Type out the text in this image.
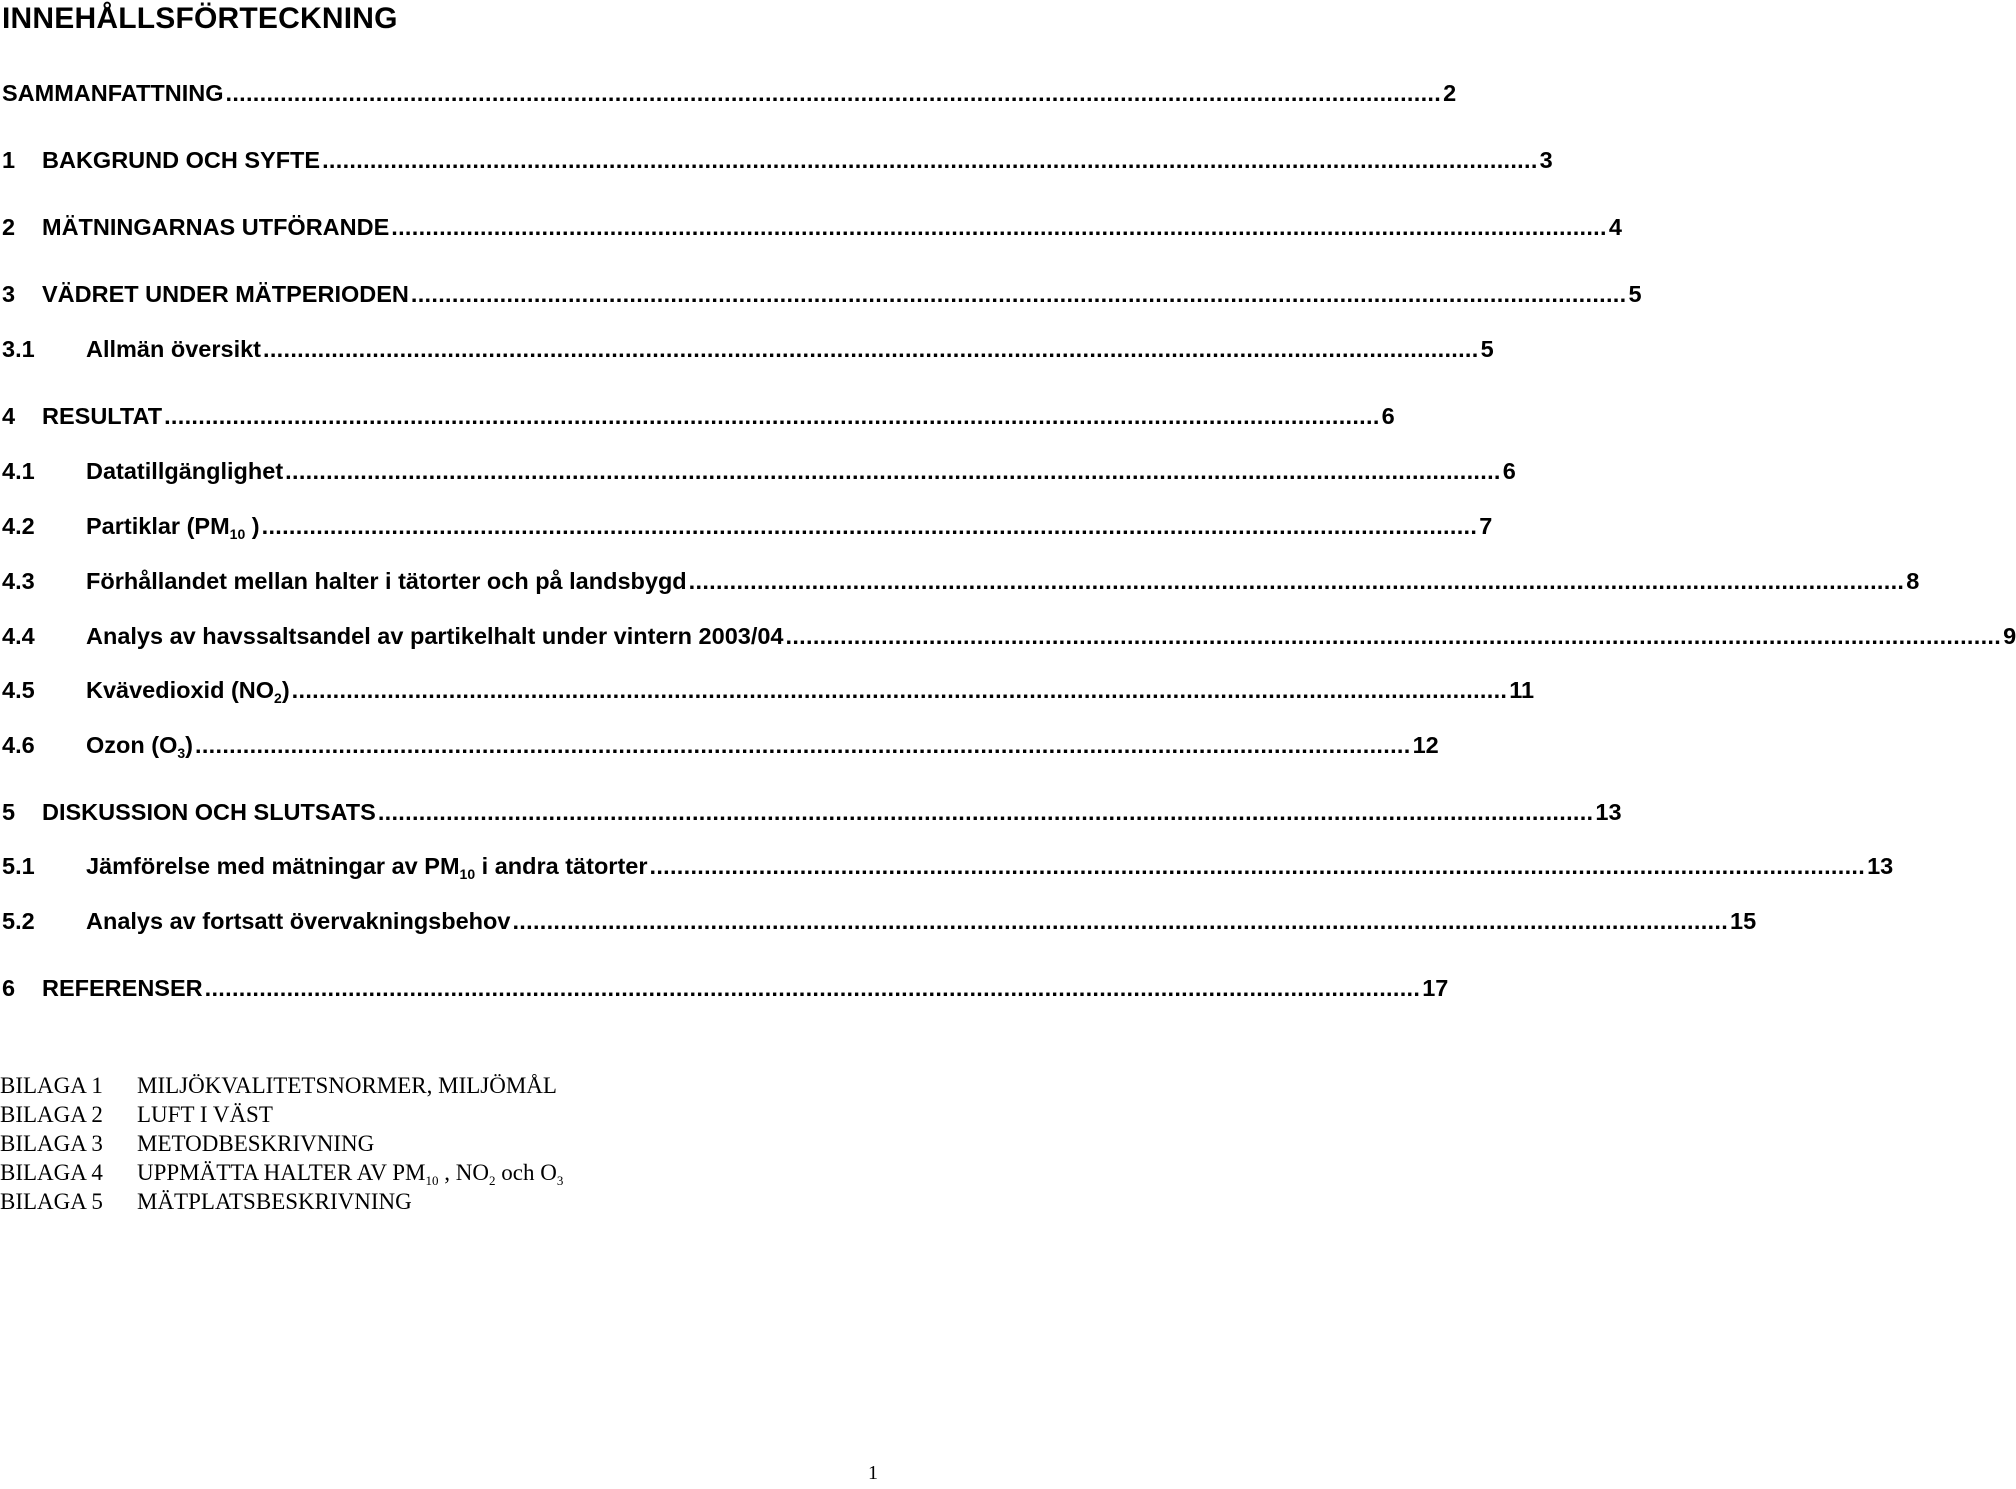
INNEHÅLLSFÖRTECKNING
SAMMANFATTNING .................................................................................................................................................................................. 2
1 BAKGRUND OCH SYFTE .................................................................................................................................................................................. 3
2 MÄTNINGARNAS UTFÖRANDE .................................................................................................................................................................................. 4
3 VÄDRET UNDER MÄTPERIODEN .................................................................................................................................................................................. 5
3.1 Allmän översikt .................................................................................................................................................................................. 5
4 RESULTAT .................................................................................................................................................................................. 6
4.1 Datatillgänglighet .................................................................................................................................................................................. 6
4.2 Partiklar ($PM_{10}$ ) .................................................................................................................................................................................. 7
4.3 Förhållandet mellan halter i tätorter och på landsbygd .................................................................................................................................................................................. 8
4.4 Analys av havssaltsandel av partikelhalt under vintern 2003/04 .................................................................................................................................................................................. 9
4.5 Kvävedioxid $(NO_2)$ .................................................................................................................................................................................. 11
4.6 Ozon $(O_3)$ .................................................................................................................................................................................. 12
5 DISKUSSION OCH SLUTSATS .................................................................................................................................................................................. 13
5.1 Jämförelse med mätningar av $PM_{10}$ i andra tätorter .................................................................................................................................................................................. 13
5.2 Analys av fortsatt övervakningsbehov .................................................................................................................................................................................. 15
6 REFERENSER .................................................................................................................................................................................. 17
BILAGA 1 MILJÖKVALITETSNORMER, MILJÖMÅL
BILAGA 2 LUFT I VÄST
BILAGA 3 METODBESKRIVNING
BILAGA 4 UPPMÄTTA HALTER AV $PM_{10}$ , $NO_2$ och $O_3$
BILAGA 5 MÄTPLATSBESKRIVNING
1
